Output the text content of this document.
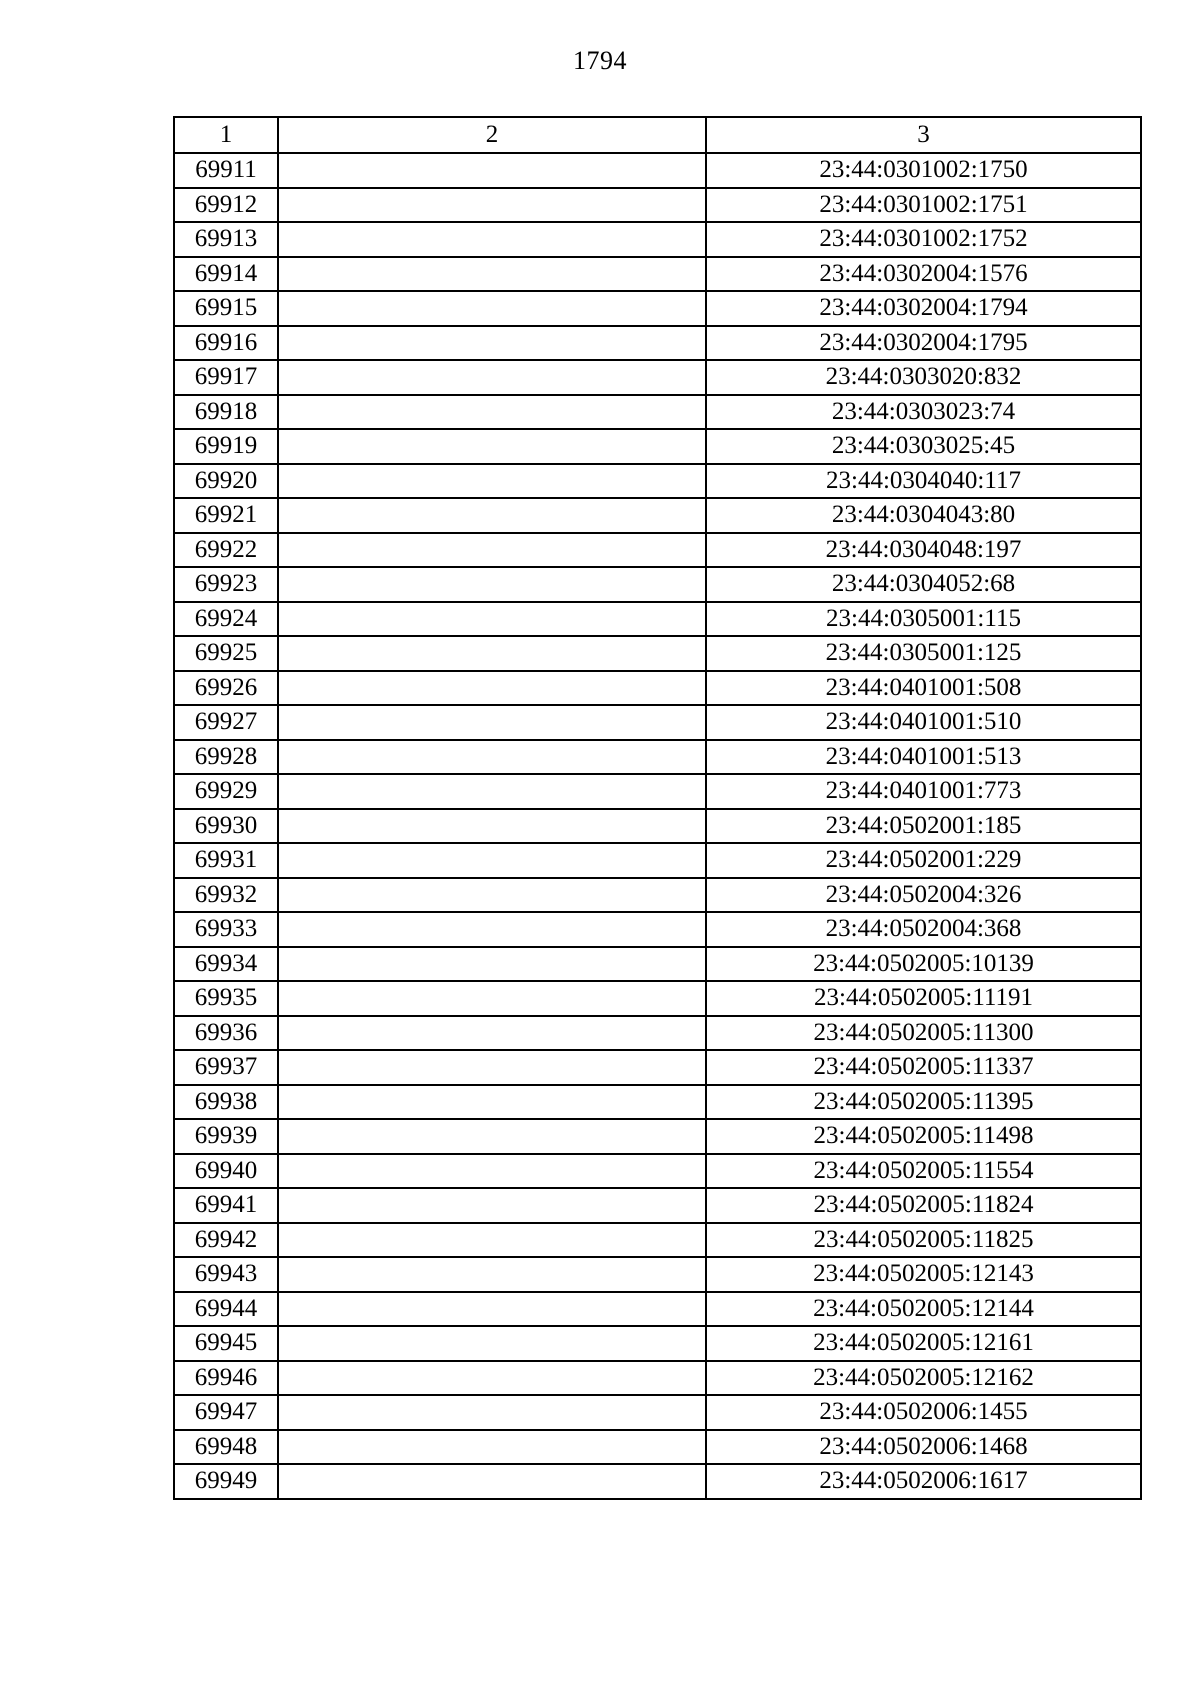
1794
1	2	3
69911		23:44:0301002:1750
69912		23:44:0301002:1751
69913		23:44:0301002:1752
69914		23:44:0302004:1576
69915		23:44:0302004:1794
69916		23:44:0302004:1795
69917		23:44:0303020:832
69918		23:44:0303023:74
69919		23:44:0303025:45
69920		23:44:0304040:117
69921		23:44:0304043:80
69922		23:44:0304048:197
69923		23:44:0304052:68
69924		23:44:0305001:115
69925		23:44:0305001:125
69926		23:44:0401001:508
69927		23:44:0401001:510
69928		23:44:0401001:513
69929		23:44:0401001:773
69930		23:44:0502001:185
69931		23:44:0502001:229
69932		23:44:0502004:326
69933		23:44:0502004:368
69934		23:44:0502005:10139
69935		23:44:0502005:11191
69936		23:44:0502005:11300
69937		23:44:0502005:11337
69938		23:44:0502005:11395
69939		23:44:0502005:11498
69940		23:44:0502005:11554
69941		23:44:0502005:11824
69942		23:44:0502005:11825
69943		23:44:0502005:12143
69944		23:44:0502005:12144
69945		23:44:0502005:12161
69946		23:44:0502005:12162
69947		23:44:0502006:1455
69948		23:44:0502006:1468
69949		23:44:0502006:1617
